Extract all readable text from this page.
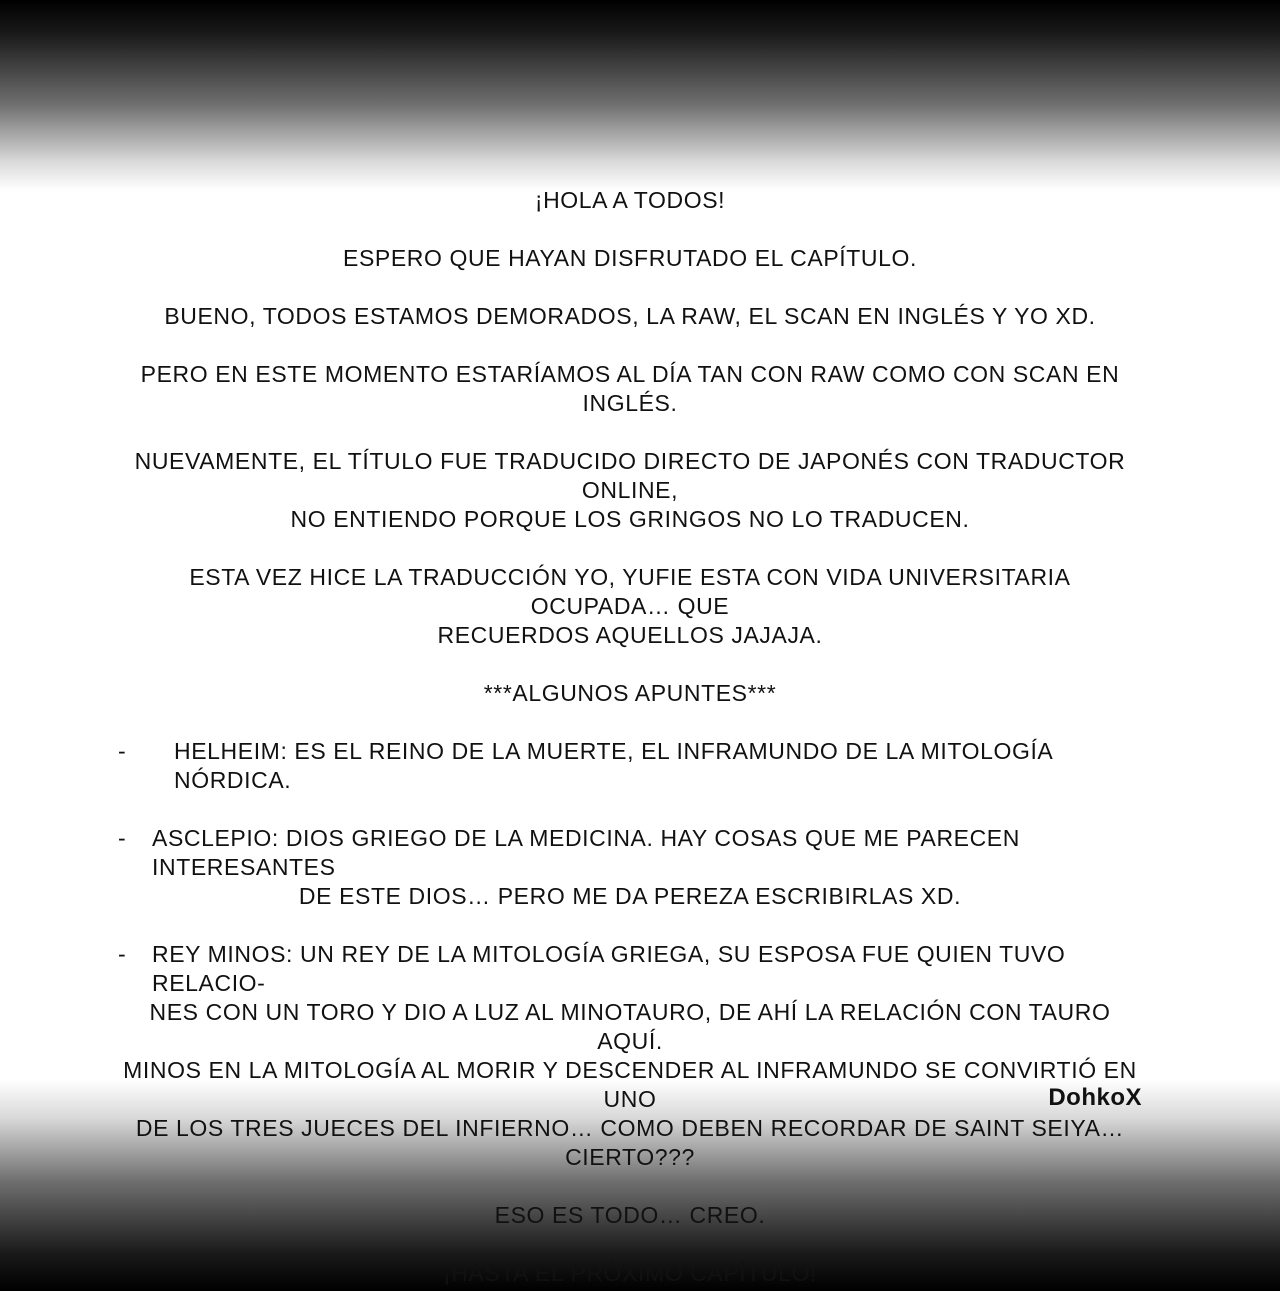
¡HOLA A TODOS!

ESPERO QUE HAYAN DISFRUTADO EL CAPÍTULO.

BUENO, TODOS ESTAMOS DEMORADOS, LA RAW, EL SCAN EN INGLÉS Y YO XD.

PERO EN ESTE MOMENTO ESTARÍAMOS AL DÍA TAN CON RAW COMO CON SCAN EN INGLÉS.

NUEVAMENTE, EL TÍTULO FUE TRADUCIDO DIRECTO DE JAPONÉS CON TRADUCTOR ONLINE,

NO ENTIENDO PORQUE LOS GRINGOS NO LO TRADUCEN.

ESTA VEZ HICE LA TRADUCCIÓN YO, YUFIE ESTA CON VIDA UNIVERSITARIA OCUPADA… QUE

RECUERDOS AQUELLOS JAJAJA.

***ALGUNOS APUNTES***

-	HELHEIM: ES EL REINO DE LA MUERTE, EL INFRAMUNDO DE LA MITOLOGÍA NÓRDICA.

-	ASCLEPIO: DIOS GRIEGO DE LA MEDICINA. HAY COSAS QUE ME PARECEN INTERESANTES

DE ESTE DIOS… PERO ME DA PEREZA ESCRIBIRLAS XD.

-	REY MINOS: UN REY DE LA MITOLOGÍA GRIEGA, SU ESPOSA FUE QUIEN TUVO RELACIO-

NES CON UN TORO Y DIO A LUZ AL MINOTAURO, DE AHÍ LA RELACIÓN CON TAURO AQUÍ.

MINOS EN LA MITOLOGÍA AL MORIR Y DESCENDER AL INFRAMUNDO SE CONVIRTIÓ EN UNO

DE LOS TRES JUECES DEL INFIERNO… COMO DEBEN RECORDAR DE SAINT SEIYA…

CIERTO???

ESO ES TODO… CREO.

¡HASTA EL PRÓXIMO CAPÍTULO!

DohkoX
